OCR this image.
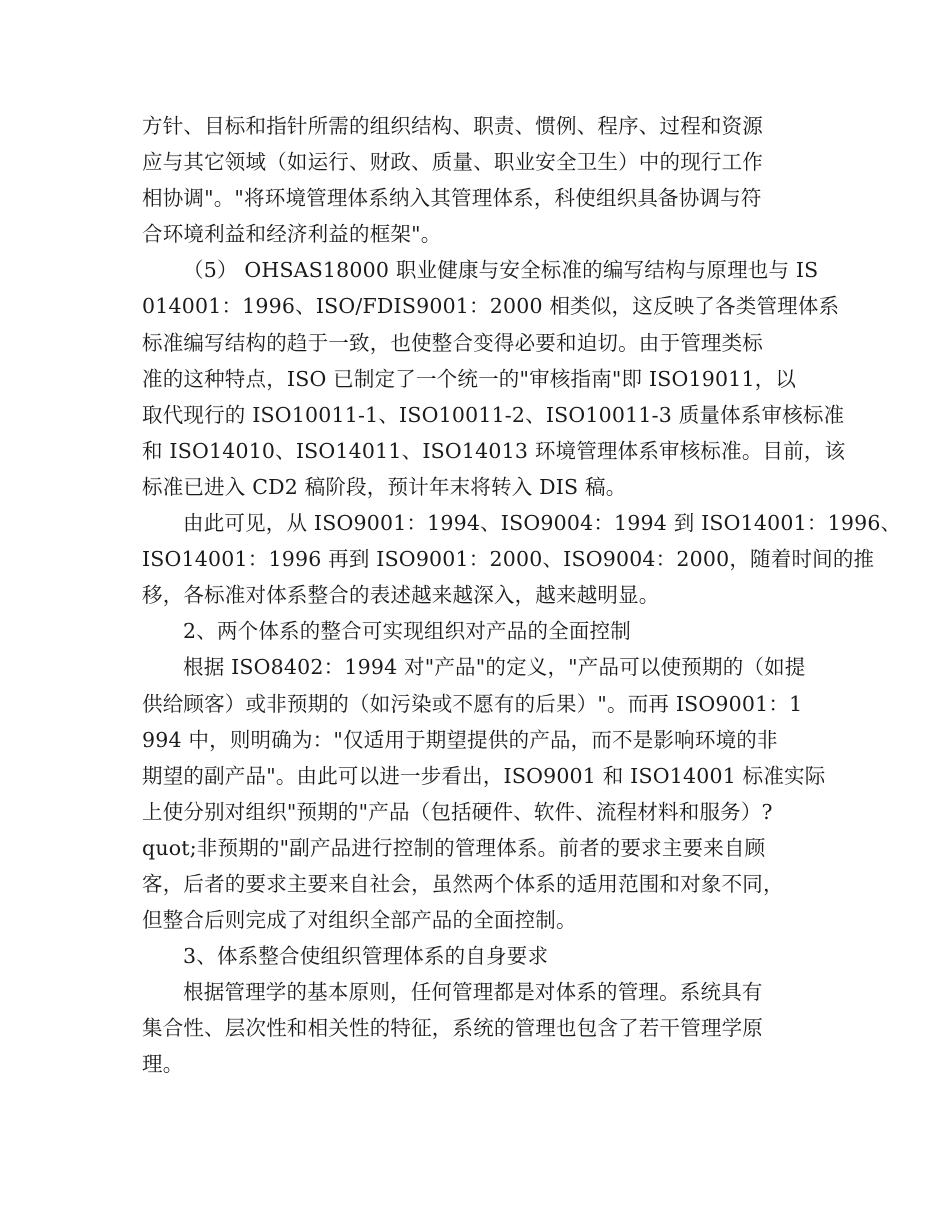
方针、目标和指针所需的组织结构、职责、惯例、程序、过程和资源
应与其它领域（如运行、财政、质量、职业安全卫生）中的现行工作
相协调"。"将环境管理体系纳入其管理体系，科使组织具备协调与符
合环境利益和经济利益的框架"。
（5） OHSAS18000 职业健康与安全标准的编写结构与原理也与 IS
014001：1996、ISO/FDIS9001：2000 相类似，这反映了各类管理体系
标准编写结构的趋于一致，也使整合变得必要和迫切。由于管理类标
准的这种特点，ISO 已制定了一个统一的"审核指南"即 ISO19011，以
取代现行的 ISO10011-1、ISO10011-2、ISO10011-3 质量体系审核标准
和 ISO14010、ISO14011、ISO14013 环境管理体系审核标准。目前，该
标准已进入 CD2 稿阶段，预计年末将转入 DIS 稿。
由此可见，从 ISO9001：1994、ISO9004：1994 到 ISO14001：1996、
ISO14001：1996 再到 ISO9001：2000、ISO9004：2000，随着时间的推
移，各标准对体系整合的表述越来越深入，越来越明显。
2、两个体系的整合可实现组织对产品的全面控制
根据 ISO8402：1994 对"产品"的定义，"产品可以使预期的（如提
供给顾客）或非预期的（如污染或不愿有的后果）"。而再 ISO9001：1
994 中，则明确为："仅适用于期望提供的产品，而不是影响环境的非
期望的副产品"。由此可以进一步看出，ISO9001 和 ISO14001 标准实际
上使分别对组织"预期的"产品（包括硬件、软件、流程材料和服务）?
quot;非预期的"副产品进行控制的管理体系。前者的要求主要来自顾
客，后者的要求主要来自社会，虽然两个体系的适用范围和对象不同，
但整合后则完成了对组织全部产品的全面控制。
3、体系整合使组织管理体系的自身要求
根据管理学的基本原则，任何管理都是对体系的管理。系统具有
集合性、层次性和相关性的特征，系统的管理也包含了若干管理学原
理。
